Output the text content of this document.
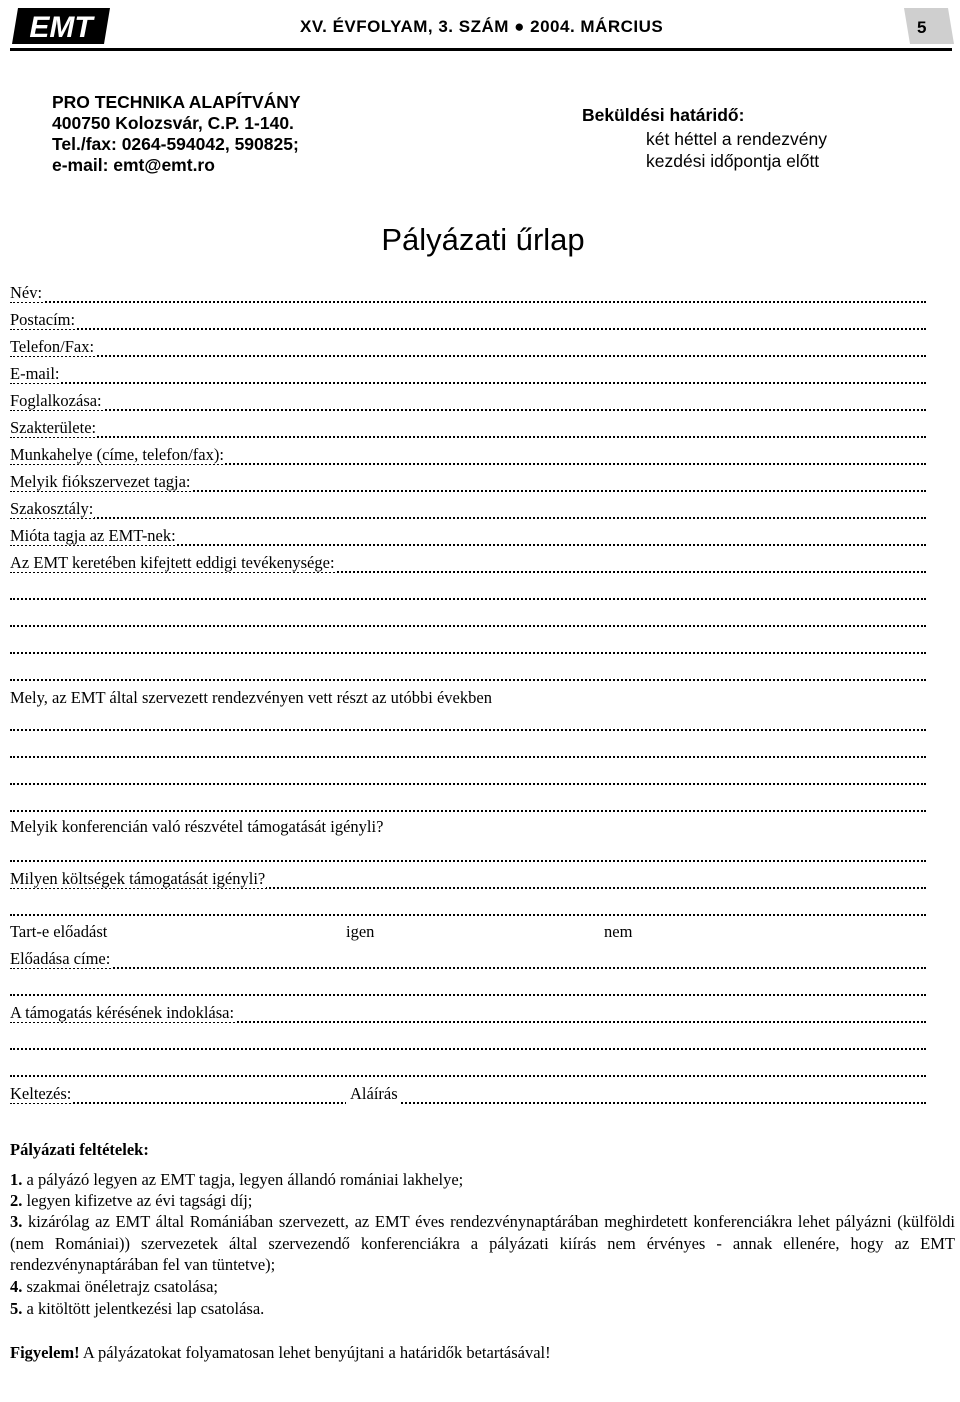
EMT	XV. ÉVFOLYAM, 3. SZÁM ● 2004. MÁRCIUS	5
PRO TECHNIKA ALAPÍTVÁNY
400750 Kolozsvár, C.P. 1-140.
Tel./fax: 0264-594042, 590825;
e-mail: emt@emt.ro
Beküldési határidő:
két héttel a rendezvény
kezdési időpontja előtt
Pályázati űrlap
Név:
Postacím:
Telefon/Fax:
E-mail:
Foglalkozása:
Szakterülete:
Munkahelye (címe, telefon/fax):
Melyik fiókszervezet tagja:
Szakosztály:
Mióta tagja az EMT-nek:
Az EMT keretében kifejtett eddigi tevékenysége:
Mely, az EMT által szervezett rendezvényen vett részt az utóbbi években
Melyik konferencián való részvétel támogatását igényli?
Milyen költségek támogatását igényli?
Tart-e előadást	igen	nem
Előadása címe:
A támogatás kérésének indoklása:
Keltezés:	Aláírás
Pályázati feltételek:
1. a pályázó legyen az EMT tagja, legyen állandó romániai lakhelye;
2. legyen kifizetve az évi tagsági díj;
3. kizárólag az EMT által Romániában szervezett, az EMT éves rendezvénynaptárában meghirdetett konferenciákra lehet pályázni (külföldi (nem Romániai)) szervezetek által szervezendő konferenciákra a pályázati kiírás nem érvényes - annak ellenére, hogy az EMT rendezvénynaptárában fel van tüntetve);
4. szakmai önéletrajz csatolása;
5. a kitöltött jelentkezési lap csatolása.
Figyelem! A pályázatokat folyamatosan lehet benyújtani a határidők betartásával!
